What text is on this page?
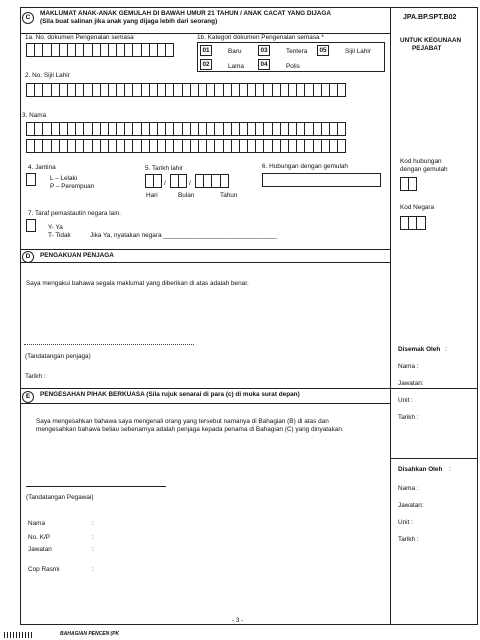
C
MAKLUMAT ANAK-ANAK GEMULAH DI BAWAH UMUR 21 TAHUN / ANAK CACAT YANG DIJAGA
(Sila buat salinan jika anak yang dijaga lebih dari seorang)
JPA.BP.SPT.B02
UNTUK KEGUNAAN
PEJABAT
1a. No. dokumen Pengenalan semasa	1b. Kategori dokumen Pengenalan semasa *
01	Baru	03	Tentera	05	Sijil Lahir
02	Lama	04	Polis
2. No. Sijil Lahir
3. Nama
4. Jantina
L – Lelaki
P – Perempuan
5. Tarikh lahir
/	/
Hari	Bulan	Tahun
6. Hubungan dengan gemulah
Kod hubungan
dengan gemulah
7. Taraf pemastautin negara lain.
Y- Ya
T- Tidak	Jika Ya, nyatakan negara ________________________________
Kod Negara
D	PENGAKUAN PENJAGA
Saya mengakui bahawa segala maklumat yang diberikan di atas adalah benar.
(Tandatangan penjaga)
Tarikh :
Disemak Oleh :
Nama :
Jawatan:
Unit :
Tarikh :
E	PENGESAHAN PIHAK BERKUASA (Sila rujuk senarai di para (c) di muka surat depan)
Saya mengesahkan bahawa saya mengenali orang yang tersebut namanya di Bahagian (B) di atas dan
mengesahkan bahawa beliau sebenarnya adalah penjaga kepada penama di Bahagian (C) yang dinyatakan.
(Tandatangan Pegawai)
Nama	:
No. K/P	:
Jawatan	:
Cop Rasmi	:
Disahkan Oleh :
Nama :
Jawatan:
Unit :
Tarikh :
- 3 -
BAHAGIAN PENCEN (PK
